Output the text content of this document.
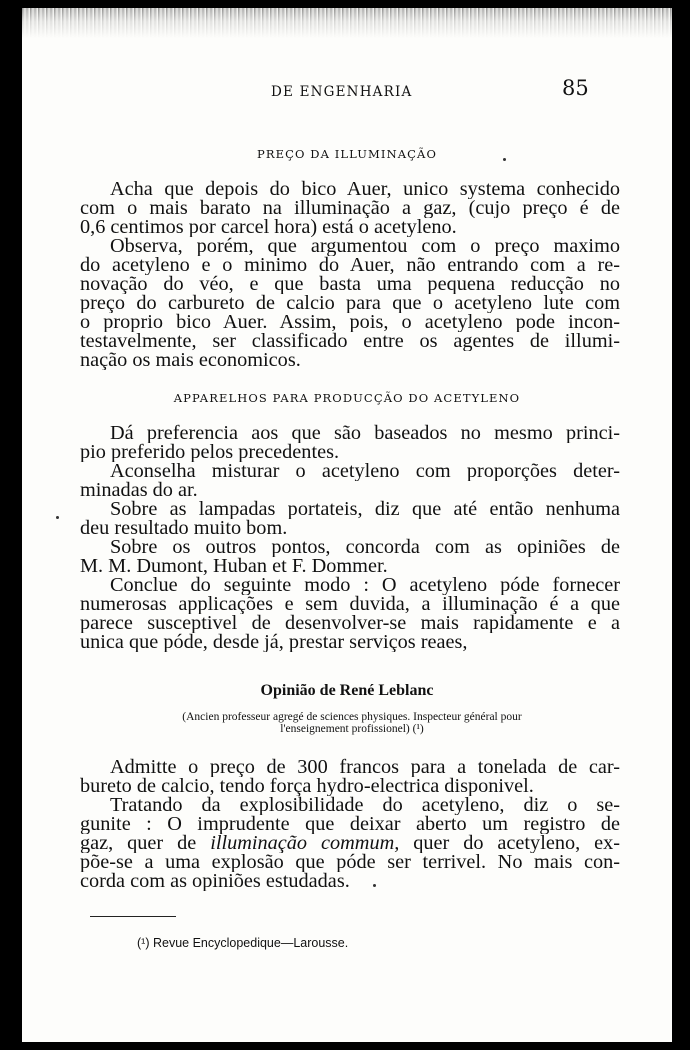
DE ENGENHARIA	85
PREÇO DA ILLUMINAÇÃO

Acha que depois do bico Auer, unico systema conhecido
com o mais barato na illuminação a gaz, (cujo preço é de
0,6 centimos por carcel hora) está o acetyleno.

Observa, porém, que argumentou com o preço maximo
do acetyleno e o minimo do Auer, não entrando com a re-
novação do véo, e que basta uma pequena reducção no
preço do carbureto de calcio para que o acetyleno lute com
o proprio bico Auer. Assim, pois, o acetyleno pode incon-
testavelmente, ser classificado entre os agentes de illumi-
nação os mais economicos.

APPARELHOS PARA PRODUCÇÃO DO ACETYLENO

Dá preferencia aos que são baseados no mesmo princi-
pio preferido pelos precedentes.

Aconselha misturar o acetyleno com proporções deter-
minadas do ar.

Sobre as lampadas portateis, diz que até então nenhuma
deu resultado muito bom.

Sobre os outros pontos, concorda com as opiniões de
M. M. Dumont, Huban et F. Dommer.

Conclue do seguinte modo : O acetyleno póde fornecer
numerosas applicações e sem duvida, a illuminação é a que
parece susceptivel de desenvolver-se mais rapidamente e a
unica que póde, desde já, prestar serviços reaes,

Opinião de René Leblanc
(Ancien professeur agregé de sciences physiques. Inspecteur général pour
l'enseignement profissionel) (¹)

Admitte o preço de 300 francos para a tonelada de car-
bureto de calcio, tendo força hydro-electrica disponivel.

Tratando da explosibilidade do acetyleno, diz o se-
gunite : O imprudente que deixar aberto um registro de
gaz, quer de illuminação commum, quer do acetyleno, ex-
põe-se a uma explosão que póde ser terrivel. No mais con-
corda com as opiniões estudadas.

(¹) Revue Encyclopedique—Larousse.
